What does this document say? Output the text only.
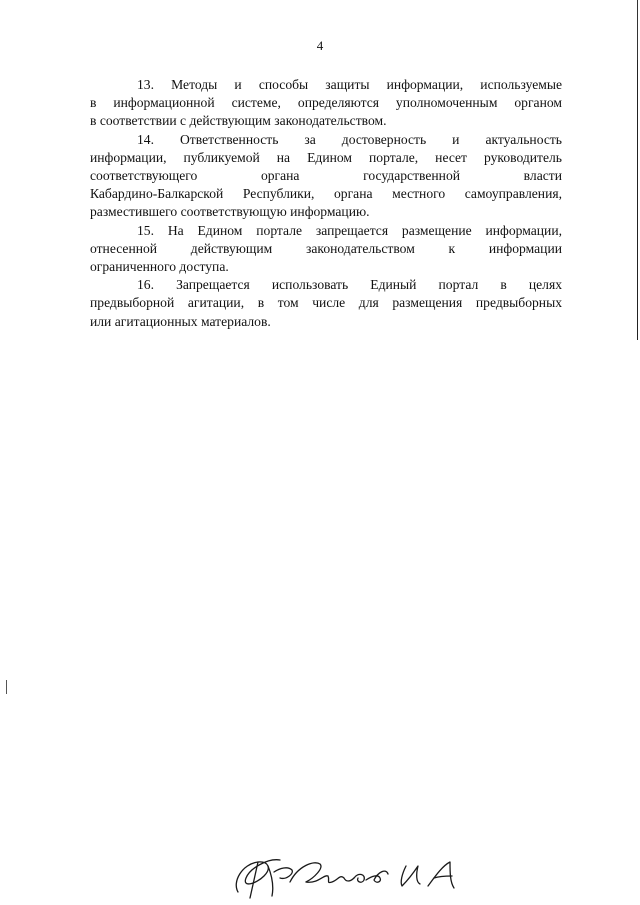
4

13. Методы и способы защиты информации, используемые
в информационной системе, определяются уполномоченным органом
в соответствии с действующим законодательством.

14. Ответственность за достоверность и актуальность
информации, публикуемой на Едином портале, несет руководитель
соответствующего органа государственной власти
Кабардино-Балкарской Республики, органа местного самоуправления,
разместившего соответствующую информацию.

15. На Едином портале запрещается размещение информации,
отнесенной действующим законодательством к информации
ограниченного доступа.

16. Запрещается использовать Единый портал в целях
предвыборной агитации, в том числе для размещения предвыборных
или агитационных материалов.
